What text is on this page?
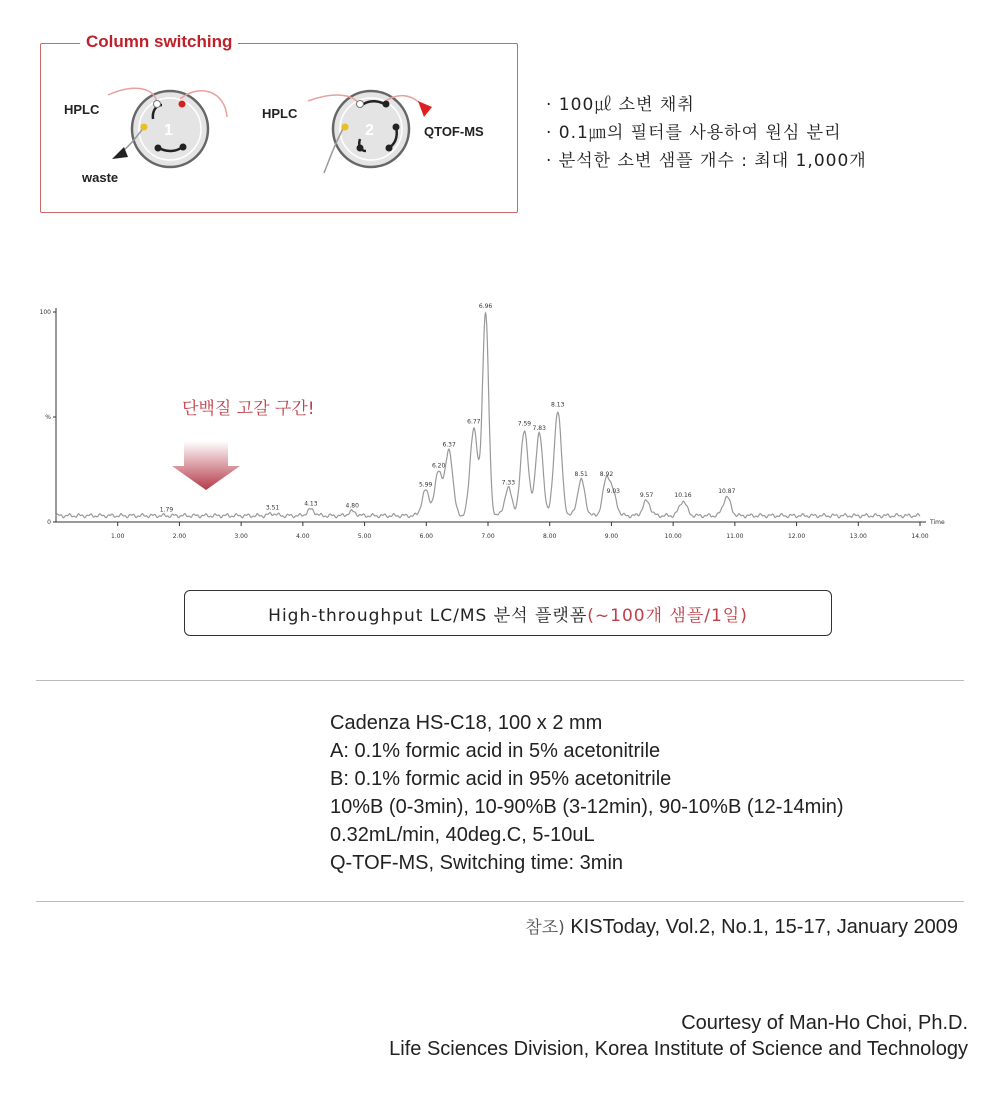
Column switching
1	2
HPLC
waste
HPLC
QTOF-MS
· 100㎕ 소변 채취
· 0.1㎛의 필터를 사용하여 원심 분리
· 분석한 소변 샘플 개수 : 최대 1,000개
1.00	2.00	3.00	4.00	5.00	6.00	7.00	8.00	9.00	10.00	11.00	12.00	13.00	14.00
Time
0
%
100
1.79	3.51
4.13	4.80
5.99
6.20
6.37
6.77
6.96
7.33
7.59
7.83
8.13
8.51 8.92
9.03
9.57	10.16
10.87
단백질 고갈 구간!
High-throughput LC/MS 분석 플랫폼 (~100개 샘플/1일)
Cadenza HS-C18, 100 x 2 mm
A: 0.1% formic acid in 5% acetonitrile
B: 0.1% formic acid in 95% acetonitrile
10%B (0-3min), 10-90%B (3-12min), 90-10%B (12-14min)
0.32mL/min, 40deg.C, 5-10uL
Q-TOF-MS, Switching time: 3min
참조) KISToday, Vol.2, No.1, 15-17, January 2009
Courtesy of Man-Ho Choi, Ph.D.
Life Sciences Division, Korea Institute of Science and Technology
